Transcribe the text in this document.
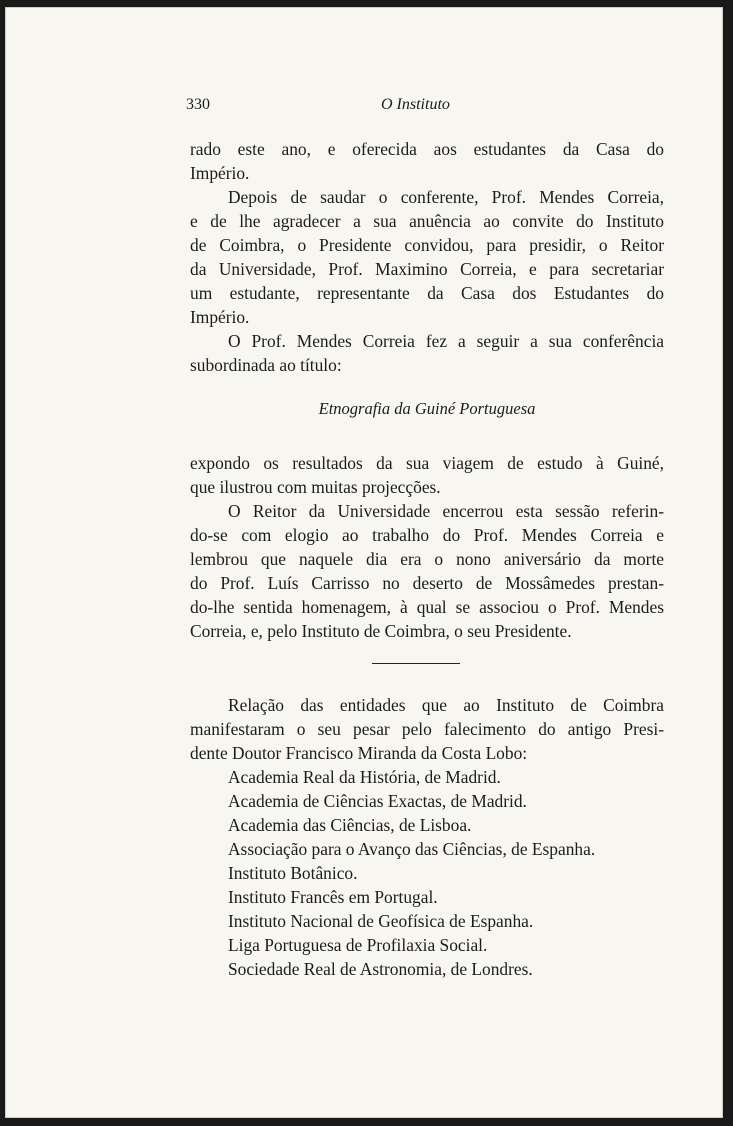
330	O Instituto
rado este ano, e oferecida aos estudantes da Casa do
Império.
Depois de saudar o conferente, Prof. Mendes Correia,
e de lhe agradecer a sua anuência ao convite do Instituto
de Coimbra, o Presidente convidou, para presidir, o Reitor
da Universidade, Prof. Maximino Correia, e para secretariar
um estudante, representante da Casa dos Estudantes do
Império.
O Prof. Mendes Correia fez a seguir a sua conferência
subordinada ao título:
Etnografia da Guiné Portuguesa
expondo os resultados da sua viagem de estudo à Guiné,
que ilustrou com muitas projecções.
O Reitor da Universidade encerrou esta sessão referin-
do-se com elogio ao trabalho do Prof. Mendes Correia e
lembrou que naquele dia era o nono aniversário da morte
do Prof. Luís Carrisso no deserto de Mossâmedes prestan-
do-lhe sentida homenagem, à qual se associou o Prof. Mendes
Correia, e, pelo Instituto de Coimbra, o seu Presidente.
Relação das entidades que ao Instituto de Coimbra
manifestaram o seu pesar pelo falecimento do antigo Presi-
dente Doutor Francisco Miranda da Costa Lobo:
Academia Real da História, de Madrid.
Academia de Ciências Exactas, de Madrid.
Academia das Ciências, de Lisboa.
Associação para o Avanço das Ciências, de Espanha.
Instituto Botânico.
Instituto Francês em Portugal.
Instituto Nacional de Geofísica de Espanha.
Liga Portuguesa de Profilaxia Social.
Sociedade Real de Astronomia, de Londres.
